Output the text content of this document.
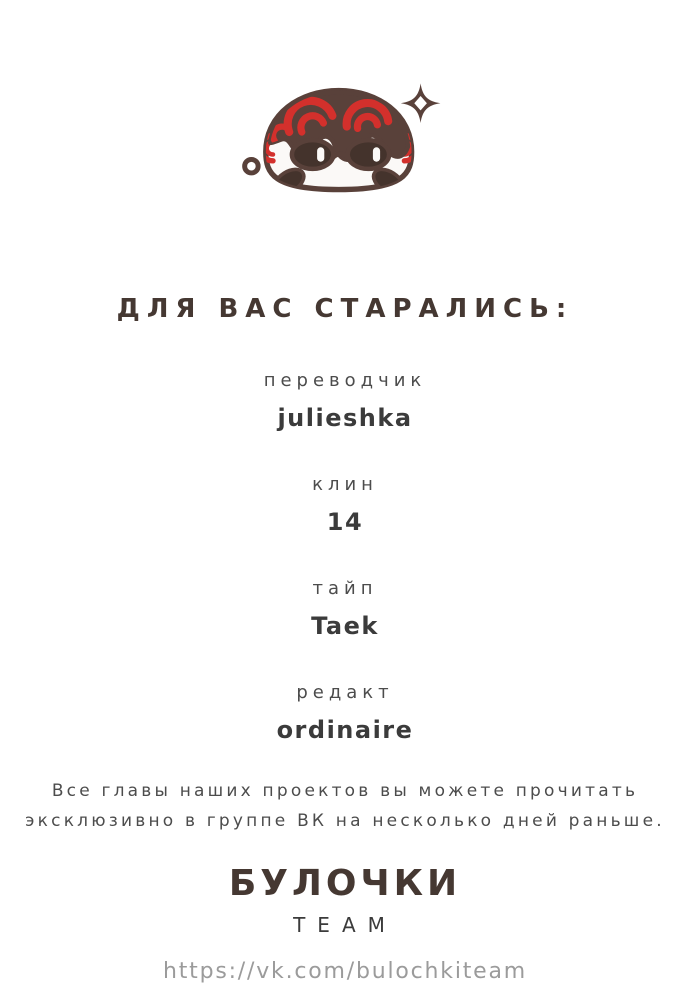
ДЛЯ ВАС СТАРАЛИСЬ:
переводчик
julieshka
клин
14
тайп
Taek
редакт
ordinaire
Все главы наших проектов вы можете прочитать
эксклюзивно в группе ВК на несколько дней раньше.
БУЛОЧКИ
TEAM
https://vk.com/bulochkiteam
